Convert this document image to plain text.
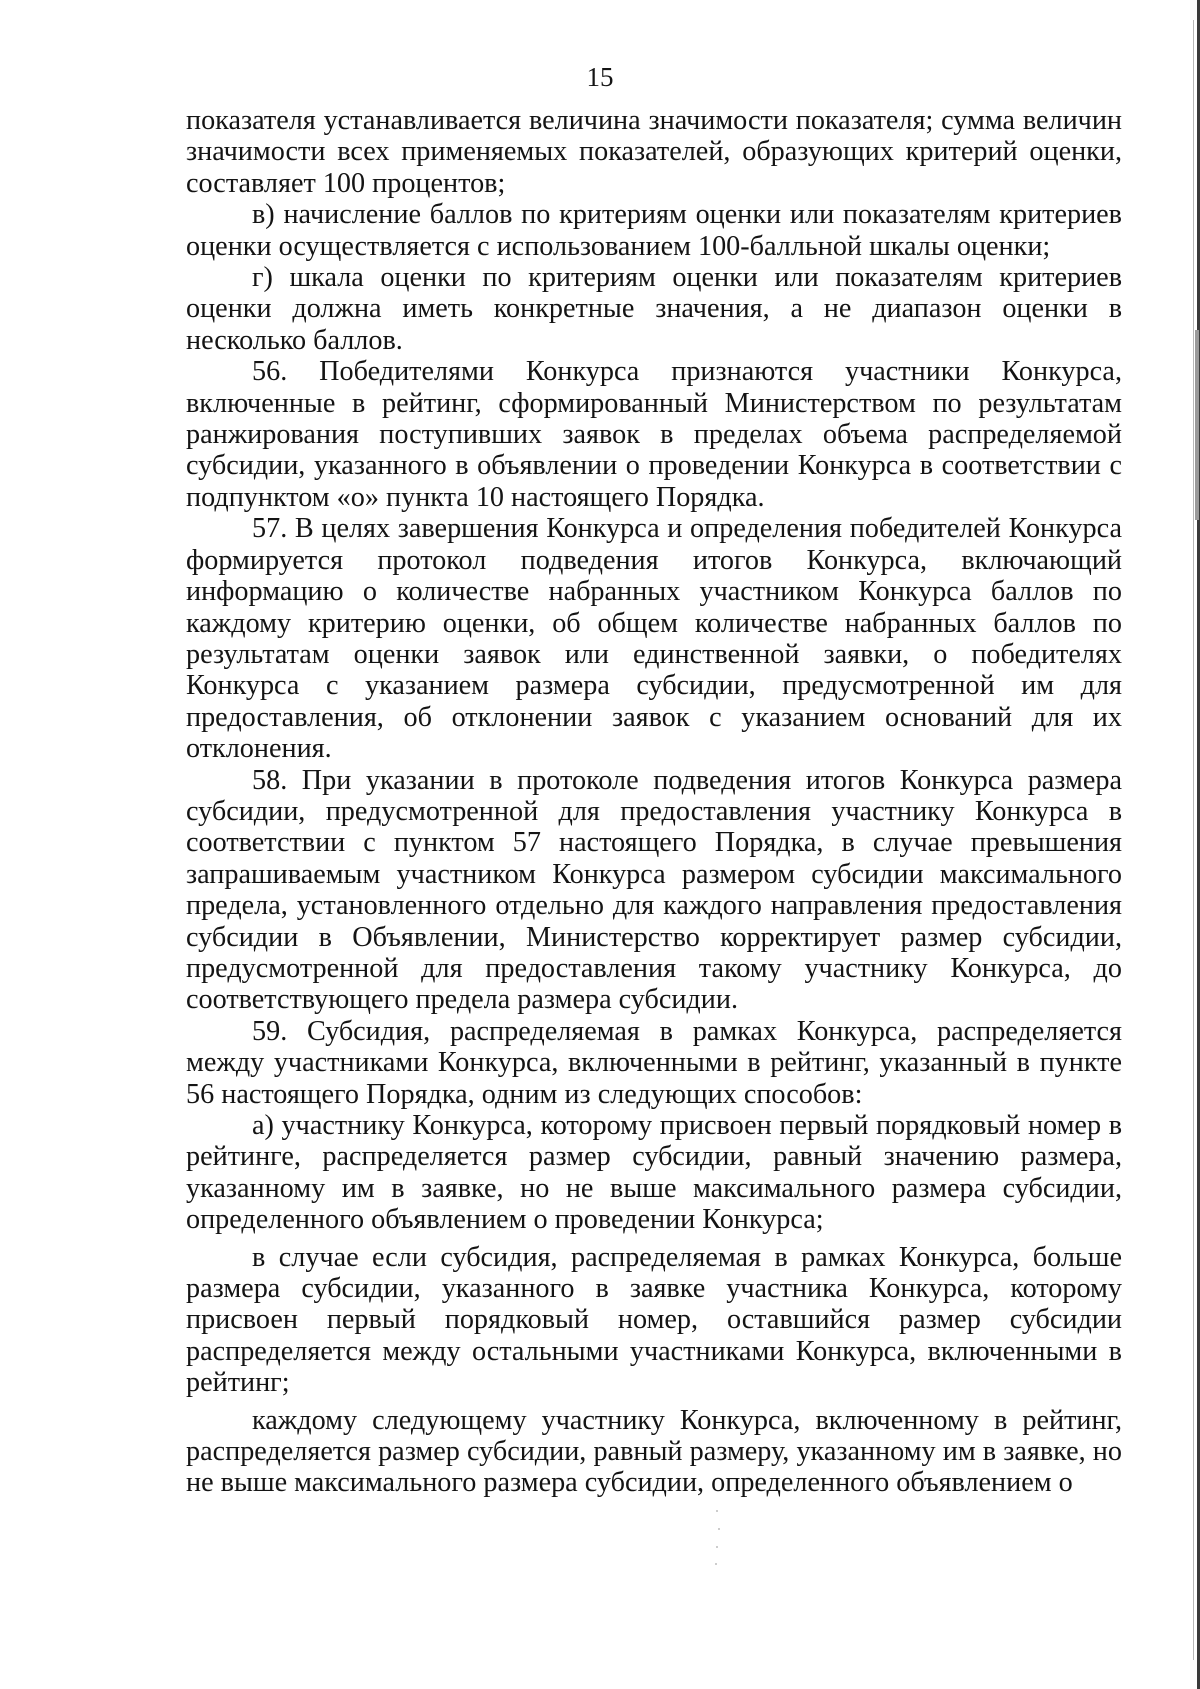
15

показателя устанавливается величина значимости показателя; сумма величин значимости всех применяемых показателей, образующих критерий оценки, составляет 100 процентов;

в) начисление баллов по критериям оценки или показателям критериев оценки осуществляется с использованием 100-балльной шкалы оценки;

г) шкала оценки по критериям оценки или показателям критериев оценки должна иметь конкретные значения, а не диапазон оценки в несколько баллов.

56. Победителями Конкурса признаются участники Конкурса, включенные в рейтинг, сформированный Министерством по результатам ранжирования поступивших заявок в пределах объема распределяемой субсидии, указанного в объявлении о проведении Конкурса в соответствии с подпунктом «о» пункта 10 настоящего Порядка.

57. В целях завершения Конкурса и определения победителей Конкурса формируется протокол подведения итогов Конкурса, включающий информацию о количестве набранных участником Конкурса баллов по каждому критерию оценки, об общем количестве набранных баллов по результатам оценки заявок или единственной заявки, о победителях Конкурса с указанием размера субсидии, предусмотренной им для предоставления, об отклонении заявок с указанием оснований для их отклонения.

58. При указании в протоколе подведения итогов Конкурса размера субсидии, предусмотренной для предоставления участнику Конкурса в соответствии с пунктом 57 настоящего Порядка, в случае превышения запрашиваемым участником Конкурса размером субсидии максимального предела, установленного отдельно для каждого направления предоставления субсидии в Объявлении, Министерство корректирует размер субсидии, предусмотренной для предоставления такому участнику Конкурса, до соответствующего предела размера субсидии.

59. Субсидия, распределяемая в рамках Конкурса, распределяется между участниками Конкурса, включенными в рейтинг, указанный в пункте 56 настоящего Порядка, одним из следующих способов:

а) участнику Конкурса, которому присвоен первый порядковый номер в рейтинге, распределяется размер субсидии, равный значению размера, указанному им в заявке, но не выше максимального размера субсидии, определенного объявлением о проведении Конкурса;

в случае если субсидия, распределяемая в рамках Конкурса, больше размера субсидии, указанного в заявке участника Конкурса, которому присвоен первый порядковый номер, оставшийся размер субсидии распределяется между остальными участниками Конкурса, включенными в рейтинг;

каждому следующему участнику Конкурса, включенному в рейтинг, распределяется размер субсидии, равный размеру, указанному им в заявке, но не выше максимального размера субсидии, определенного объявлением о
